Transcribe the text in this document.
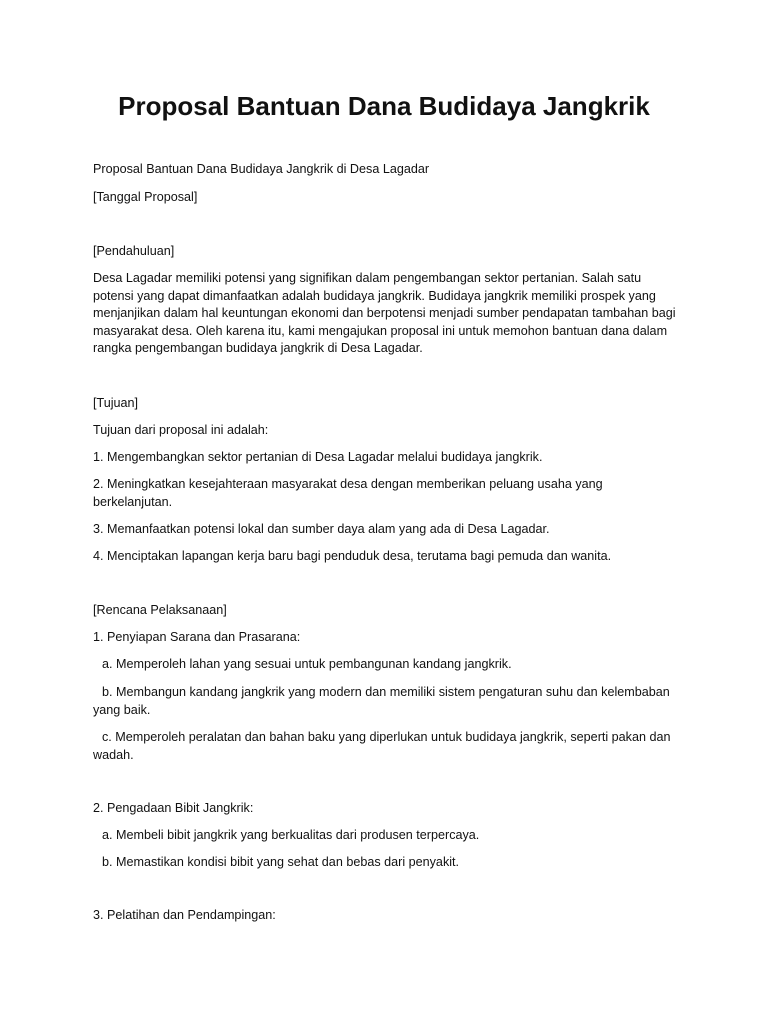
Proposal Bantuan Dana Budidaya Jangkrik

Proposal Bantuan Dana Budidaya Jangkrik di Desa Lagadar

[Tanggal Proposal]

[Pendahuluan]

Desa Lagadar memiliki potensi yang signifikan dalam pengembangan sektor pertanian. Salah satu potensi yang dapat dimanfaatkan adalah budidaya jangkrik. Budidaya jangkrik memiliki prospek yang menjanjikan dalam hal keuntungan ekonomi dan berpotensi menjadi sumber pendapatan tambahan bagi masyarakat desa. Oleh karena itu, kami mengajukan proposal ini untuk memohon bantuan dana dalam rangka pengembangan budidaya jangkrik di Desa Lagadar.

[Tujuan]

Tujuan dari proposal ini adalah:

1. Mengembangkan sektor pertanian di Desa Lagadar melalui budidaya jangkrik.

2. Meningkatkan kesejahteraan masyarakat desa dengan memberikan peluang usaha yang berkelanjutan.

3. Memanfaatkan potensi lokal dan sumber daya alam yang ada di Desa Lagadar.

4. Menciptakan lapangan kerja baru bagi penduduk desa, terutama bagi pemuda dan wanita.

[Rencana Pelaksanaan]

1. Penyiapan Sarana dan Prasarana:

a. Memperoleh lahan yang sesuai untuk pembangunan kandang jangkrik.

b. Membangun kandang jangkrik yang modern dan memiliki sistem pengaturan suhu dan kelembaban yang baik.

c. Memperoleh peralatan dan bahan baku yang diperlukan untuk budidaya jangkrik, seperti pakan dan wadah.

2. Pengadaan Bibit Jangkrik:

a. Membeli bibit jangkrik yang berkualitas dari produsen terpercaya.

b. Memastikan kondisi bibit yang sehat dan bebas dari penyakit.

3. Pelatihan dan Pendampingan:
